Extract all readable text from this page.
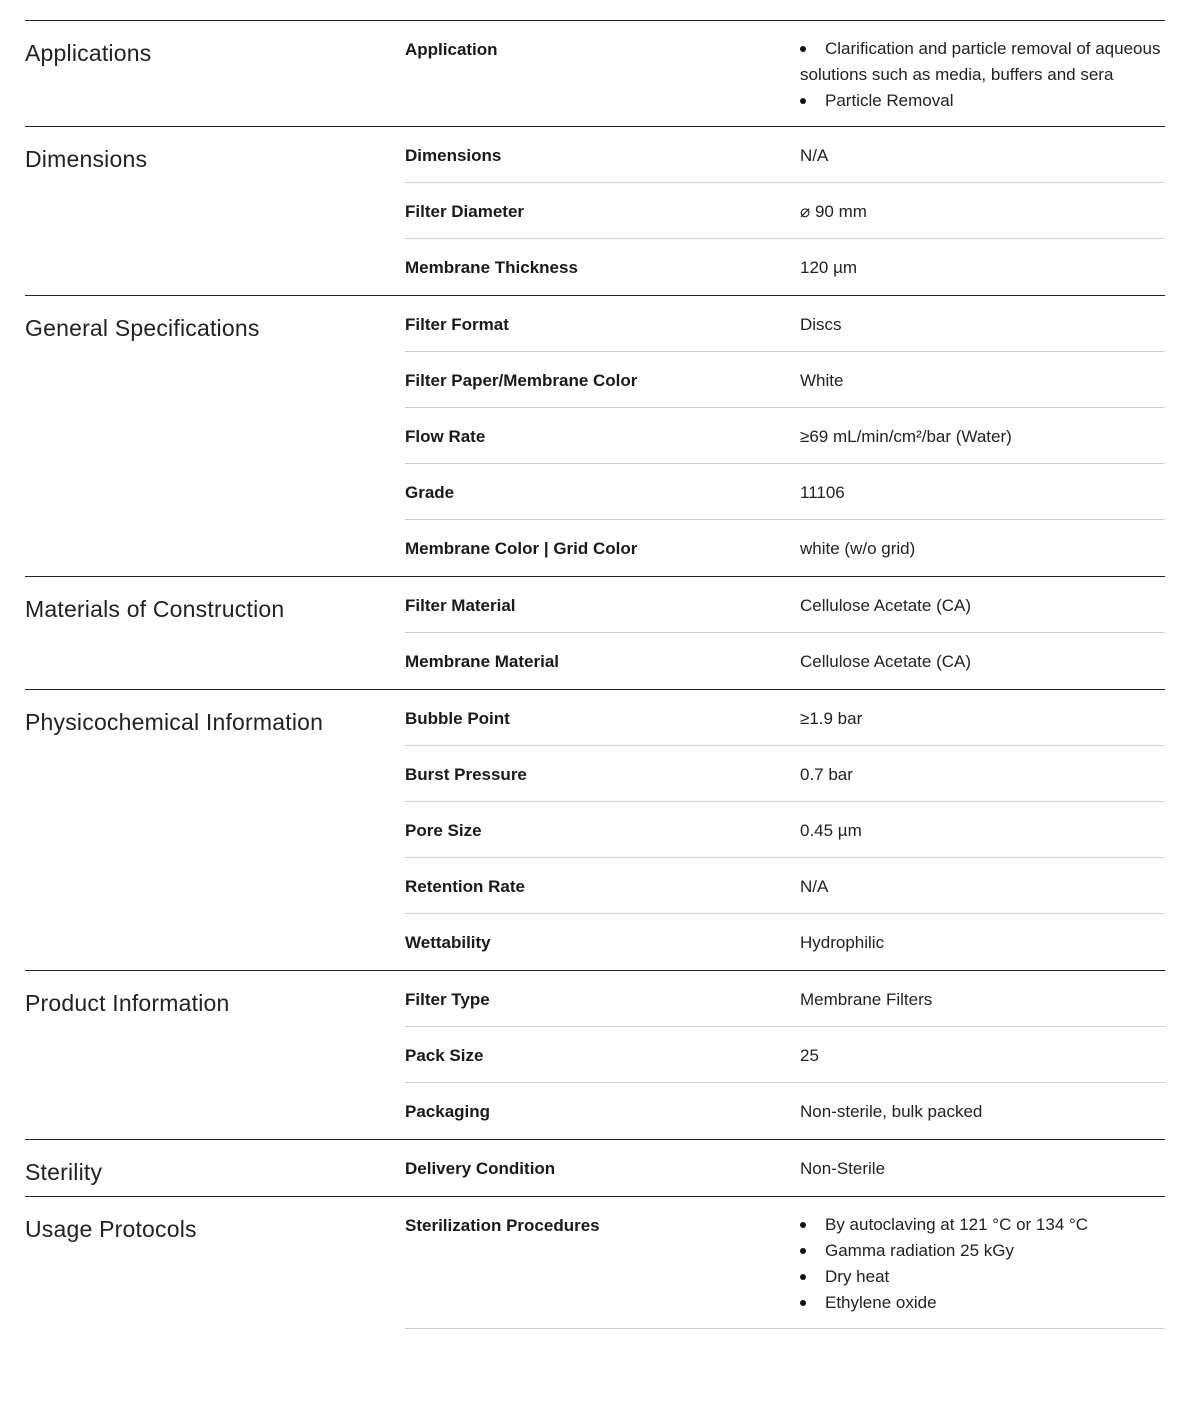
Applications	Application	Clarification and particle removal of aqueous solutions such as media, buffers and sera
Particle Removal
Dimensions	Dimensions	N/A
Filter Diameter	⌀ 90 mm
Membrane Thickness	120 µm
General Specifications	Filter Format	Discs
Filter Paper/Membrane Color	White
Flow Rate	≥69 mL/min/cm²/bar (Water)
Grade	11106
Membrane Color | Grid Color	white (w/o grid)
Materials of Construction	Filter Material	Cellulose Acetate (CA)
Membrane Material	Cellulose Acetate (CA)
Physicochemical Information	Bubble Point	≥1.9 bar
Burst Pressure	0.7 bar
Pore Size	0.45 µm
Retention Rate	N/A
Wettability	Hydrophilic
Product Information	Filter Type	Membrane Filters
Pack Size	25
Packaging	Non-sterile, bulk packed
Sterility	Delivery Condition	Non-Sterile
Usage Protocols	Sterilization Procedures	By autoclaving at 121 °C or 134 °C
Gamma radiation 25 kGy
Dry heat
Ethylene oxide
